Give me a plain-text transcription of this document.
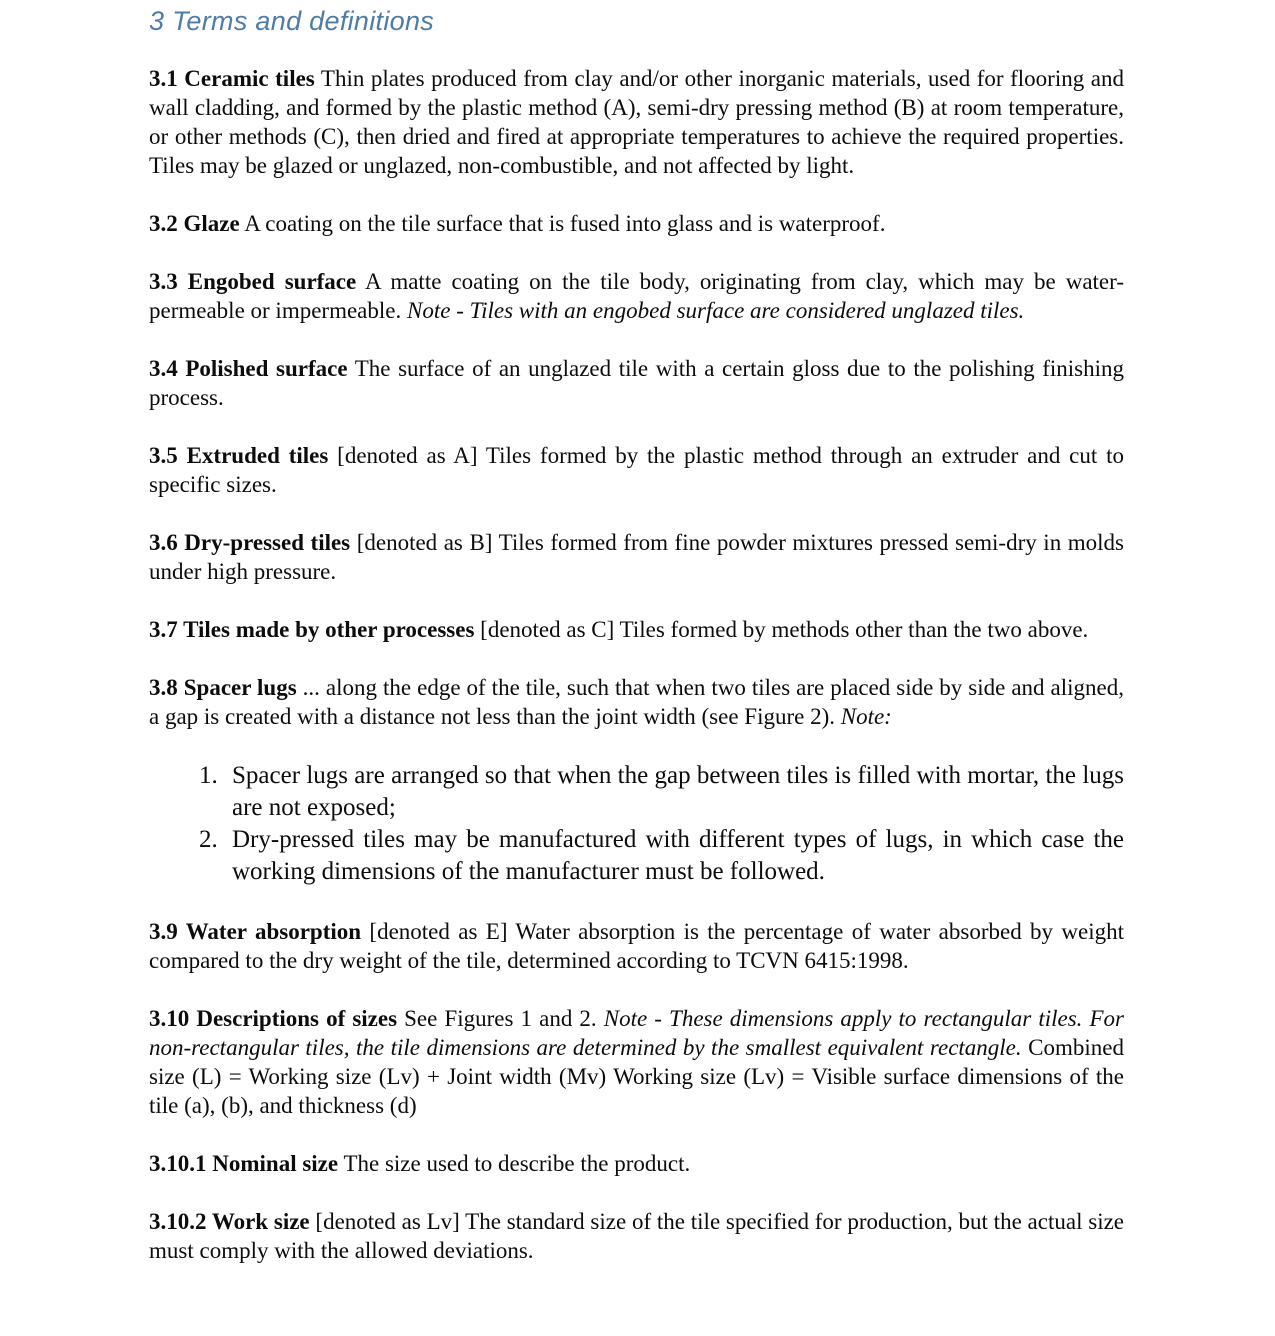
3 Terms and definitions

3.1 Ceramic tiles Thin plates produced from clay and/or other inorganic materials, used for flooring and wall cladding, and formed by the plastic method (A), semi-dry pressing method (B) at room temperature, or other methods (C), then dried and fired at appropriate temperatures to achieve the required properties. Tiles may be glazed or unglazed, non-combustible, and not affected by light.

3.2 Glaze A coating on the tile surface that is fused into glass and is waterproof.

3.3 Engobed surface A matte coating on the tile body, originating from clay, which may be water-permeable or impermeable. Note - Tiles with an engobed surface are considered unglazed tiles.

3.4 Polished surface The surface of an unglazed tile with a certain gloss due to the polishing finishing process.

3.5 Extruded tiles [denoted as A] Tiles formed by the plastic method through an extruder and cut to specific sizes.

3.6 Dry-pressed tiles [denoted as B] Tiles formed from fine powder mixtures pressed semi-dry in molds under high pressure.

3.7 Tiles made by other processes [denoted as C] Tiles formed by methods other than the two above.

3.8 Spacer lugs ... along the edge of the tile, such that when two tiles are placed side by side and aligned, a gap is created with a distance not less than the joint width (see Figure 2). Note:

1. Spacer lugs are arranged so that when the gap between tiles is filled with mortar, the lugs are not exposed;
2. Dry-pressed tiles may be manufactured with different types of lugs, in which case the working dimensions of the manufacturer must be followed.

3.9 Water absorption [denoted as E] Water absorption is the percentage of water absorbed by weight compared to the dry weight of the tile, determined according to TCVN 6415:1998.

3.10 Descriptions of sizes See Figures 1 and 2. Note - These dimensions apply to rectangular tiles. For non-rectangular tiles, the tile dimensions are determined by the smallest equivalent rectangle. Combined size (L) = Working size (Lv) + Joint width (Mv) Working size (Lv) = Visible surface dimensions of the tile (a), (b), and thickness (d)

3.10.1 Nominal size The size used to describe the product.

3.10.2 Work size [denoted as Lv] The standard size of the tile specified for production, but the actual size must comply with the allowed deviations.
